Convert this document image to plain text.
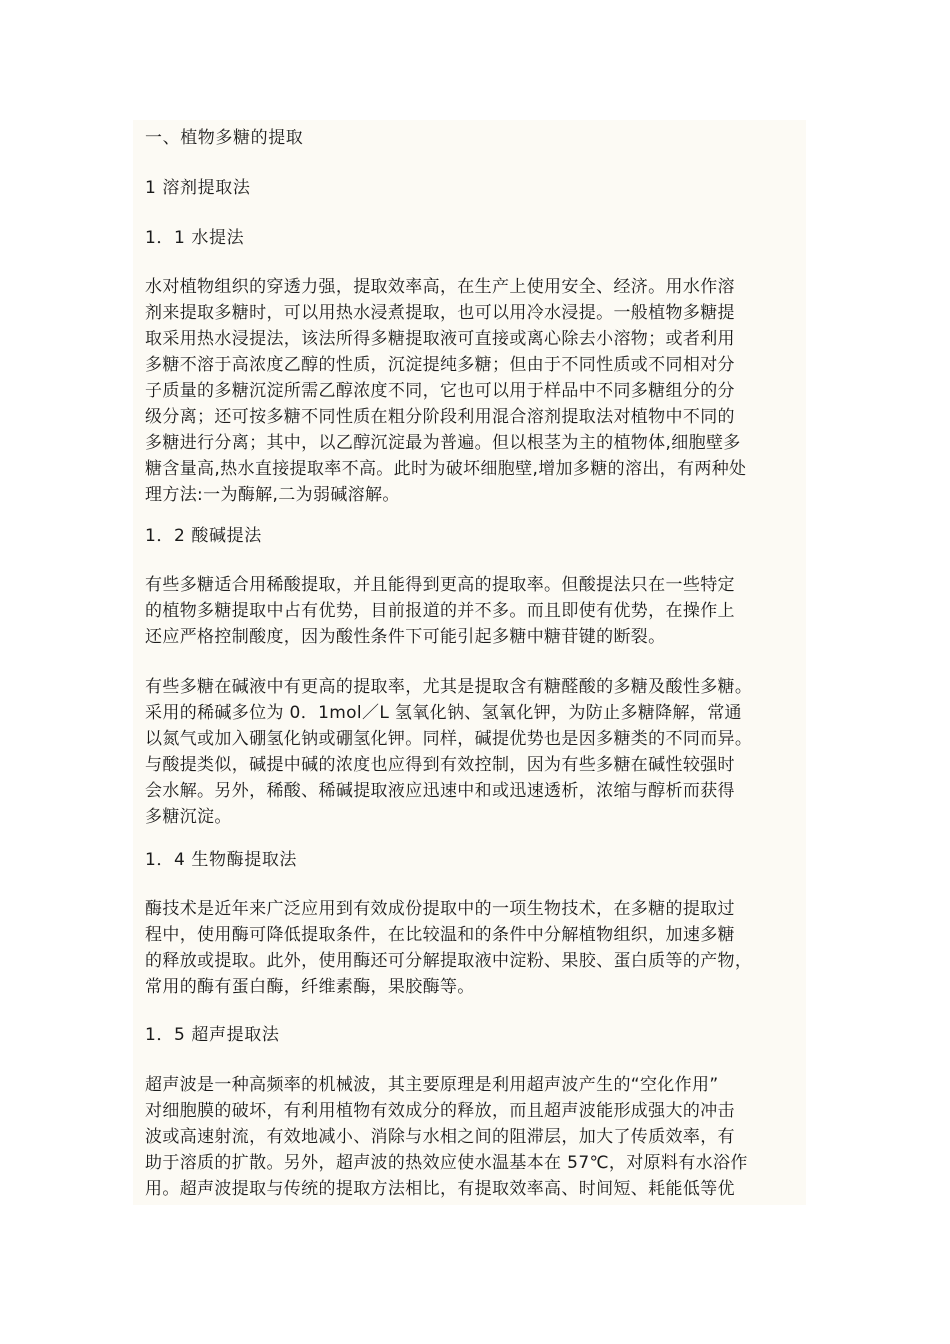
一、植物多糖的提取
1 溶剂提取法
1．1 水提法
水对植物组织的穿透力强，提取效率高，在生产上使用安全、经济。用水作溶
剂来提取多糖时，可以用热水浸煮提取，也可以用冷水浸提。一般植物多糖提
取采用热水浸提法，该法所得多糖提取液可直接或离心除去小溶物；或者利用
多糖不溶于高浓度乙醇的性质，沉淀提纯多糖；但由于不同性质或不同相对分
子质量的多糖沉淀所需乙醇浓度不同，它也可以用于样品中不同多糖组分的分
级分离；还可按多糖不同性质在粗分阶段利用混合溶剂提取法对植物中不同的
多糖进行分离；其中，以乙醇沉淀最为普遍。但以根茎为主的植物体,细胞壁多
糖含量高,热水直接提取率不高。此时为破坏细胞壁,增加多糖的溶出，有两种处
理方法:一为酶解,二为弱碱溶解。
1．2 酸碱提法
有些多糖适合用稀酸提取，并且能得到更高的提取率。但酸提法只在一些特定
的植物多糖提取中占有优势，目前报道的并不多。而且即使有优势，在操作上
还应严格控制酸度，因为酸性条件下可能引起多糖中糖苷键的断裂。
有些多糖在碱液中有更高的提取率，尤其是提取含有糖醛酸的多糖及酸性多糖。
采用的稀碱多位为 0．1mol／L 氢氧化钠、氢氧化钾，为防止多糖降解，常通
以氮气或加入硼氢化钠或硼氢化钾。同样，碱提优势也是因多糖类的不同而异。
与酸提类似，碱提中碱的浓度也应得到有效控制，因为有些多糖在碱性较强时
会水解。另外，稀酸、稀碱提取液应迅速中和或迅速透析，浓缩与醇析而获得
多糖沉淀。
1．4 生物酶提取法
酶技术是近年来广泛应用到有效成份提取中的一项生物技术，在多糖的提取过
程中，使用酶可降低提取条件，在比较温和的条件中分解植物组织，加速多糖
的释放或提取。此外，使用酶还可分解提取液中淀粉、果胶、蛋白质等的产物，
常用的酶有蛋白酶，纤维素酶，果胶酶等。
1．5 超声提取法
超声波是一种高频率的机械波，其主要原理是利用超声波产生的“空化作用”
对细胞膜的破坏，有利用植物有效成分的释放，而且超声波能形成强大的冲击
波或高速射流，有效地减小、消除与水相之间的阻滞层，加大了传质效率，有
助于溶质的扩散。另外，超声波的热效应使水温基本在 57℃，对原料有水浴作
用。超声波提取与传统的提取方法相比，有提取效率高、时间短、耗能低等优
